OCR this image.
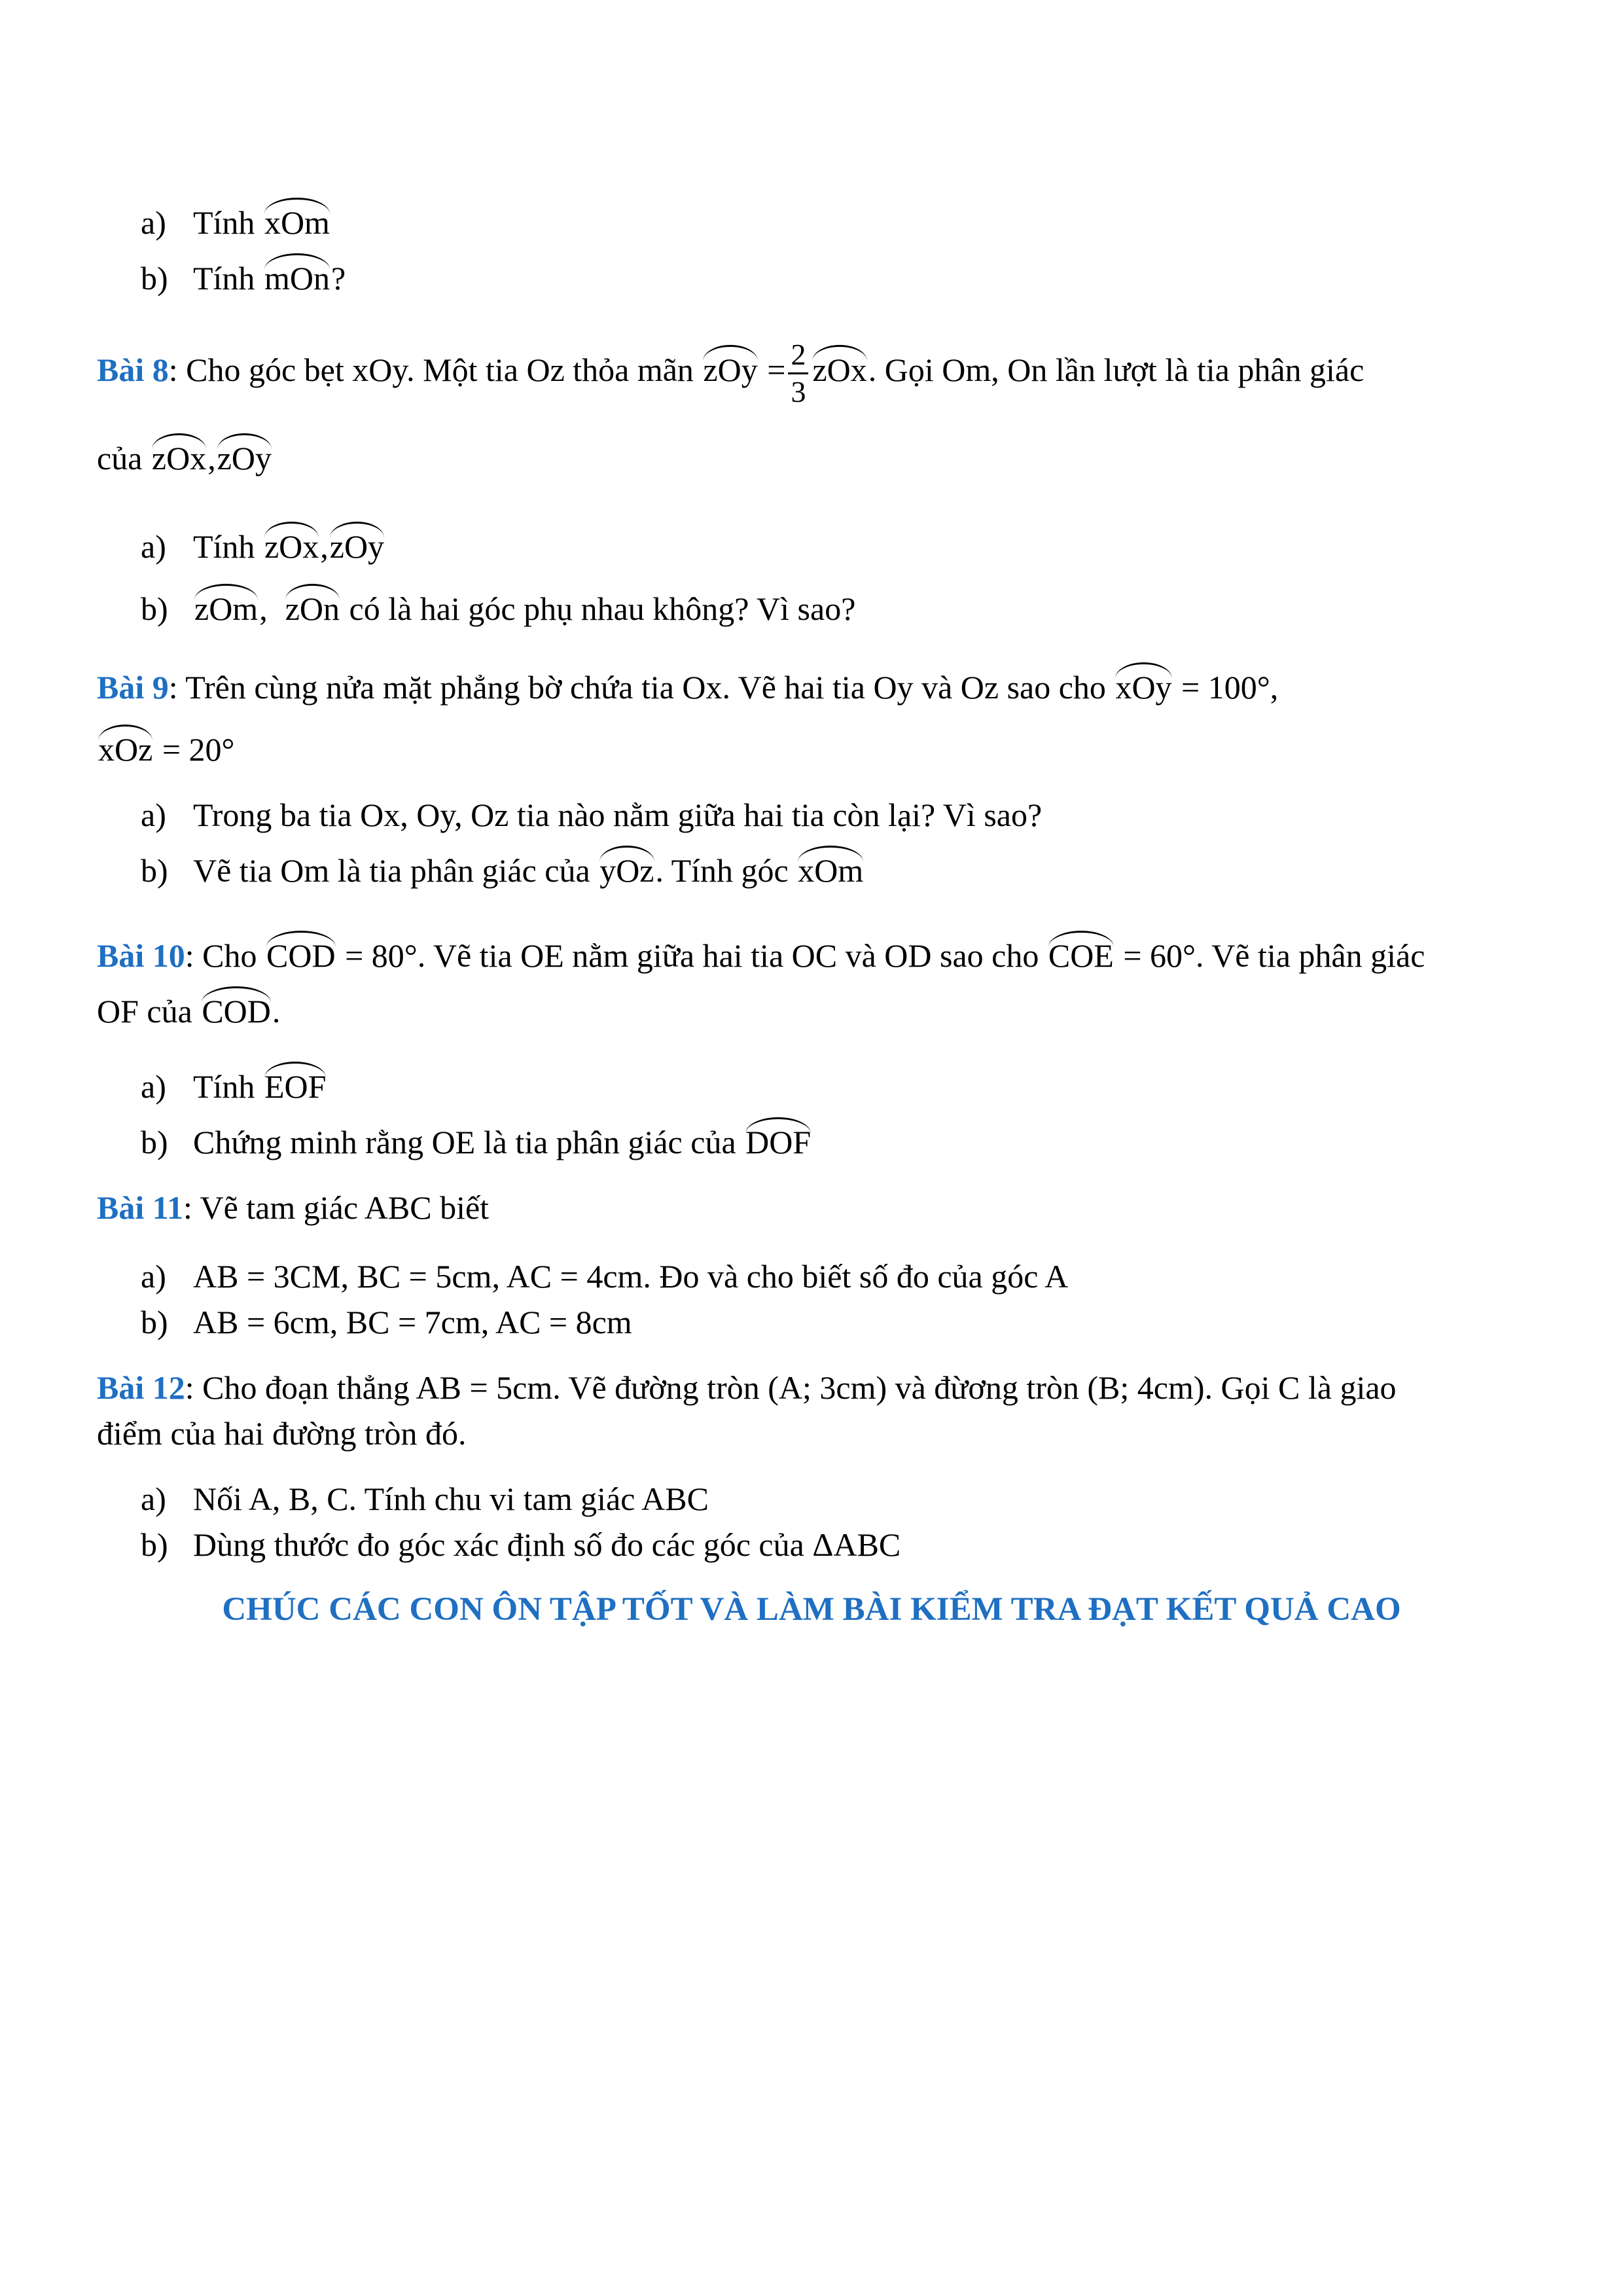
a) Tính xOm
b) Tính mOn?
Bài 8: Cho góc bẹt xOy. Một tia Oz thỏa mãn zOy = $\frac{2}{3}$ zOx. Gọi Om, On lần lượt là tia phân giác
của zOx,zOy
a) Tính zOx,zOy
b) zOm, zOn có là hai góc phụ nhau không? Vì sao?
Bài 9: Trên cùng nửa mặt phẳng bờ chứa tia Ox. Vẽ hai tia Oy và Oz sao cho xOy = 100°,
xOz = 20°
a) Trong ba tia Ox, Oy, Oz tia nào nằm giữa hai tia còn lại? Vì sao?
b) Vẽ tia Om là tia phân giác của yOz. Tính góc xOm
Bài 10: Cho COD = 80°. Vẽ tia OE nằm giữa hai tia OC và OD sao cho COE = 60°. Vẽ tia phân giác
OF của COD.
a) Tính EOF
b) Chứng minh rằng OE là tia phân giác của DOF
Bài 11: Vẽ tam giác ABC biết
a) AB = 3CM, BC = 5cm, AC = 4cm. Đo và cho biết số đo của góc A
b) AB = 6cm, BC = 7cm, AC = 8cm
Bài 12: Cho đoạn thẳng AB = 5cm. Vẽ đường tròn (A; 3cm) và đừơng tròn (B; 4cm). Gọi C là giao
điểm của hai đường tròn đó.
a) Nối A, B, C. Tính chu vi tam giác ABC
b) Dùng thước đo góc xác định số đo các góc của ΔABC
CHÚC CÁC CON ÔN TẬP TỐT VÀ LÀM BÀI KIỂM TRA ĐẠT KẾT QUẢ CAO
